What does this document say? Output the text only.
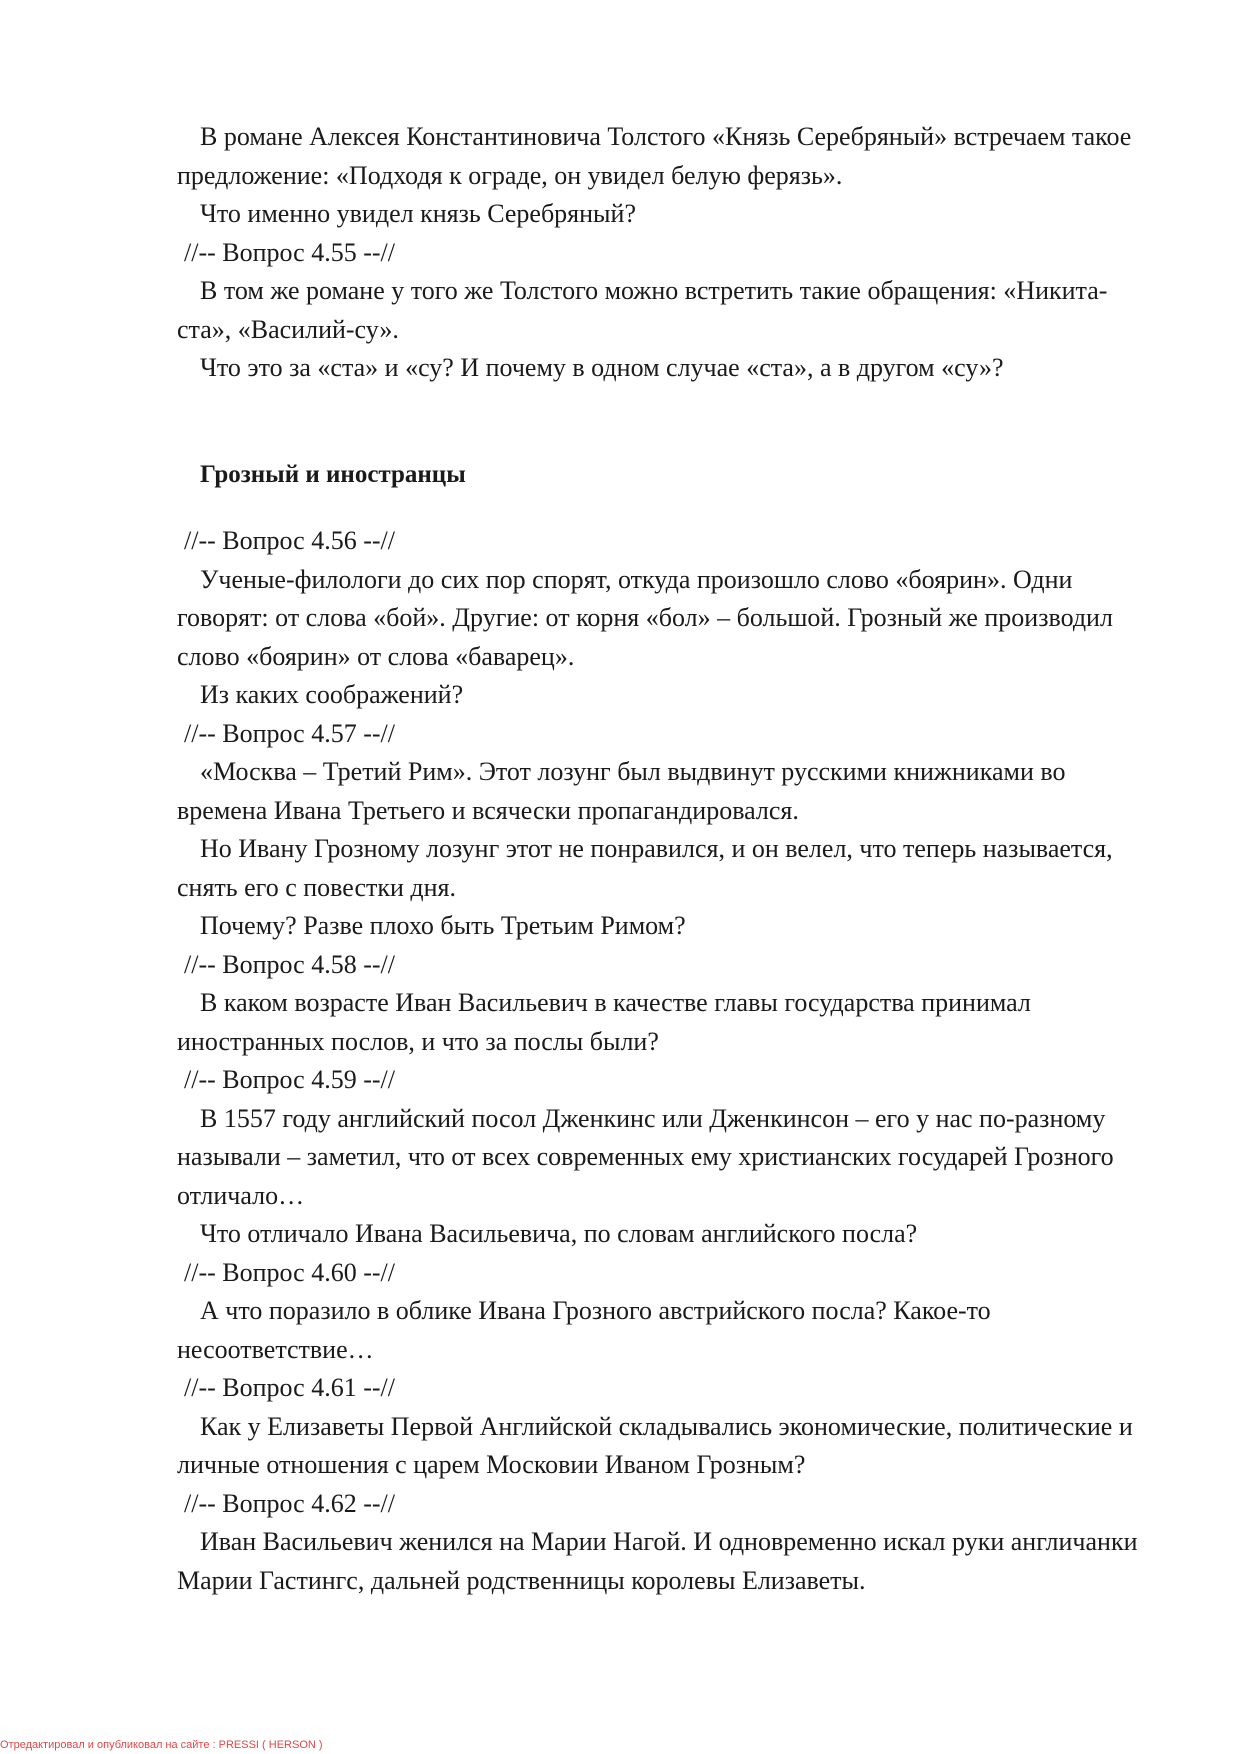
В романе Алексея Константиновича Толстого «Князь Серебряный» встречаем такое предложение: «Подходя к ограде, он увидел белую ферязь».

Что именно увидел князь Серебряный?

//-- Вопрос 4.55 --//

В том же романе у того же Толстого можно встретить такие обращения: «Никита-ста», «Василий-су».

Что это за «ста» и «су? И почему в одном случае «ста», а в другом «су»?

Грозный и иностранцы

//-- Вопрос 4.56 --//

Ученые-филологи до сих пор спорят, откуда произошло слово «боярин». Одни говорят: от слова «бой». Другие: от корня «бол» – большой. Грозный же производил слово «боярин» от слова «баварец».

Из каких соображений?

//-- Вопрос 4.57 --//

«Москва – Третий Рим». Этот лозунг был выдвинут русскими книжниками во времена Ивана Третьего и всячески пропагандировался.

Но Ивану Грозному лозунг этот не понравился, и он велел, что теперь называется, снять его с повестки дня.

Почему? Разве плохо быть Третьим Римом?

//-- Вопрос 4.58 --//

В каком возрасте Иван Васильевич в качестве главы государства принимал иностранных послов, и что за послы были?

//-- Вопрос 4.59 --//

В 1557 году английский посол Дженкинс или Дженкинсон – его у нас по-разному называли – заметил, что от всех современных ему христианских государей Грозного отличало…

Что отличало Ивана Васильевича, по словам английского посла?

//-- Вопрос 4.60 --//

А что поразило в облике Ивана Грозного австрийского посла? Какое-то несоответствие…

//-- Вопрос 4.61 --//

Как у Елизаветы Первой Английской складывались экономические, политические и личные отношения с царем Московии Иваном Грозным?

//-- Вопрос 4.62 --//

Иван Васильевич женился на Марии Нагой. И одновременно искал руки англичанки Марии Гастингс, дальней родственницы королевы Елизаветы.

Отредактировал и опубликовал на сайте : PRESSI ( HERSON )
